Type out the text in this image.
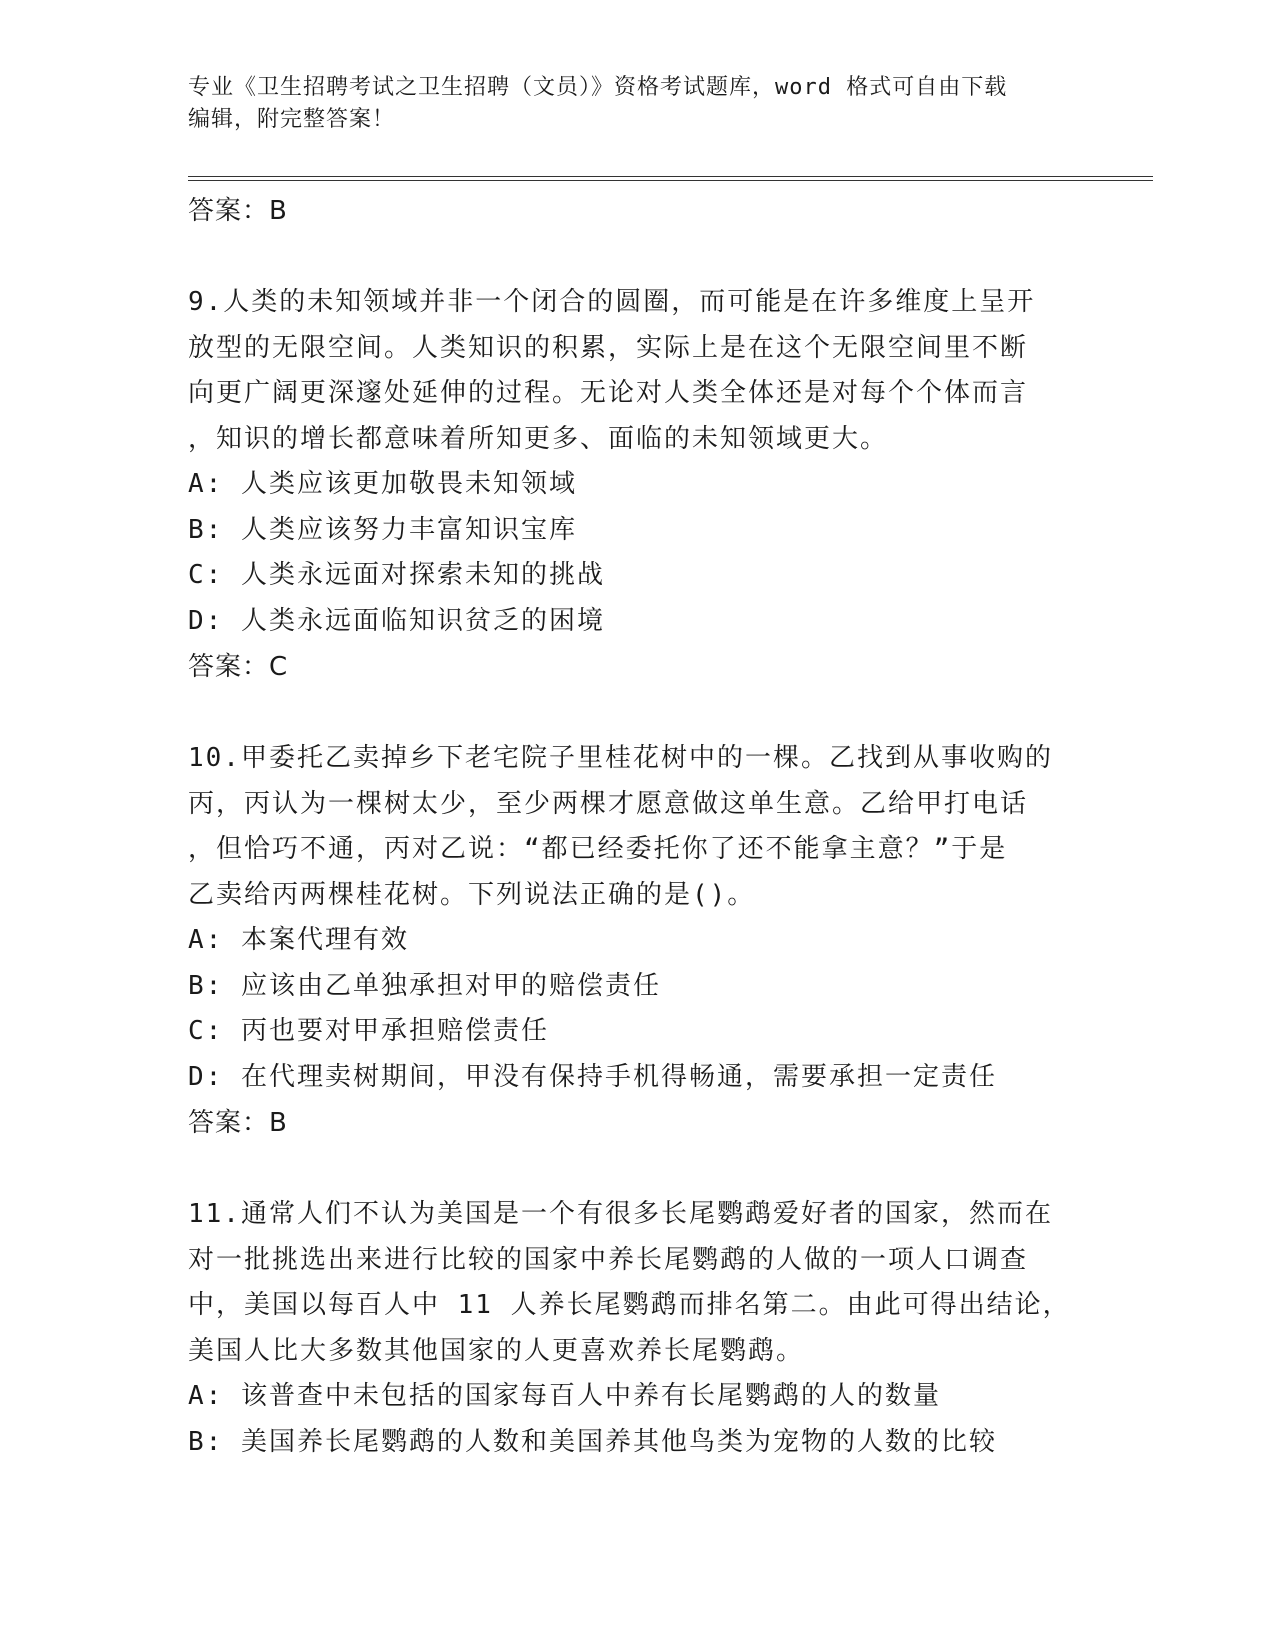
专业《卫生招聘考试之卫生招聘（文员）》资格考试题库，word 格式可自由下载
编辑，附完整答案！
答案：B
9.人类的未知领域并非一个闭合的圆圈，而可能是在许多维度上呈开
放型的无限空间。人类知识的积累，实际上是在这个无限空间里不断
向更广阔更深邃处延伸的过程。无论对人类全体还是对每个个体而言
，知识的增长都意味着所知更多、面临的未知领域更大。
A: 人类应该更加敬畏未知领域
B: 人类应该努力丰富知识宝库
C: 人类永远面对探索未知的挑战
D: 人类永远面临知识贫乏的困境
答案：C
10.甲委托乙卖掉乡下老宅院子里桂花树中的一棵。乙找到从事收购的
丙，丙认为一棵树太少，至少两棵才愿意做这单生意。乙给甲打电话
，但恰巧不通，丙对乙说：“都已经委托你了还不能拿主意？”于是
乙卖给丙两棵桂花树。下列说法正确的是()。
A: 本案代理有效
B: 应该由乙单独承担对甲的赔偿责任
C: 丙也要对甲承担赔偿责任
D: 在代理卖树期间，甲没有保持手机得畅通，需要承担一定责任
答案：B
11.通常人们不认为美国是一个有很多长尾鹦鹉爱好者的国家，然而在
对一批挑选出来进行比较的国家中养长尾鹦鹉的人做的一项人口调查
中，美国以每百人中 11 人养长尾鹦鹉而排名第二。由此可得出结论，
美国人比大多数其他国家的人更喜欢养长尾鹦鹉。
A: 该普查中未包括的国家每百人中养有长尾鹦鹉的人的数量
B: 美国养长尾鹦鹉的人数和美国养其他鸟类为宠物的人数的比较
